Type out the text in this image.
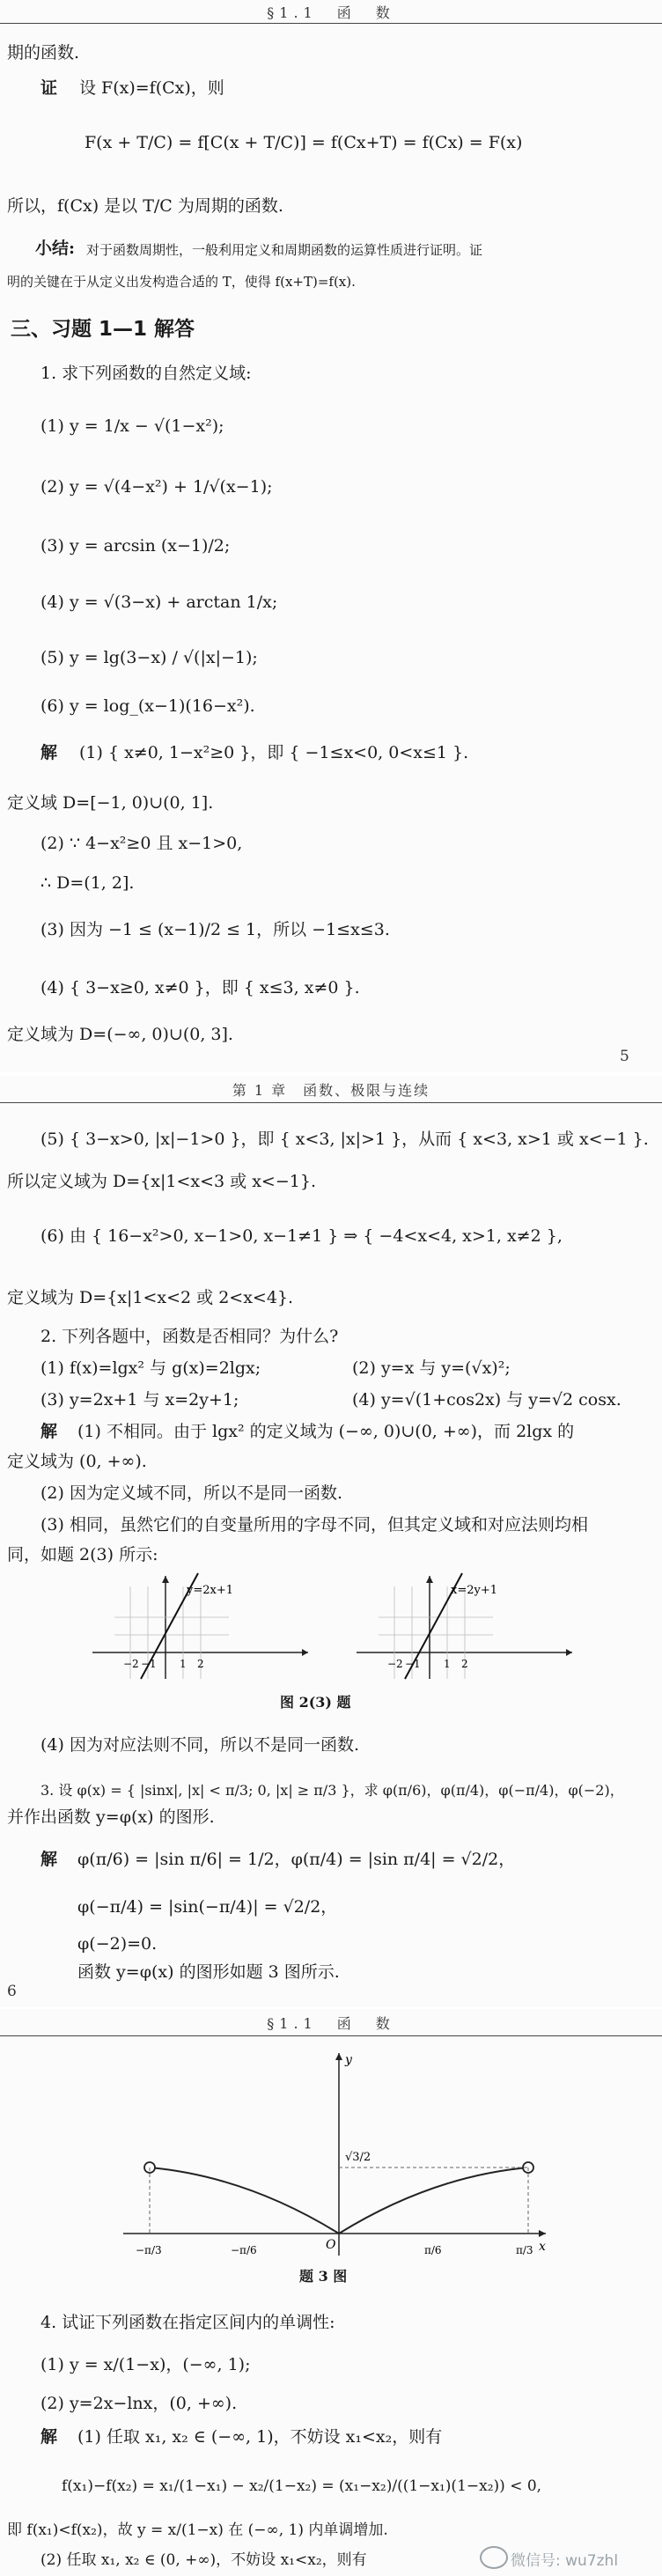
§1.1　函　数
期的函数.
证 设 F(x)=f(Cx)，则
F(x + T/C) = f[C(x + T/C)] = f(Cx+T) = f(Cx) = F(x)
所以，f(Cx) 是以 T/C 为周期的函数.
小结: 对于函数周期性，一般利用定义和周期函数的运算性质进行证明。证
明的关键在于从定义出发构造合适的 T，使得 f(x+T)=f(x).
三、习题 1—1 解答
1. 求下列函数的自然定义域:
(1) y = 1/x − √(1−x²);
(2) y = √(4−x²) + 1/√(x−1);
(3) y = arcsin (x−1)/2;
(4) y = √(3−x) + arctan 1/x;
(5) y = lg(3−x) / √(|x|−1);
(6) y = log_(x−1)(16−x²).
解 (1) { x≠0, 1−x²≥0 }，即 { −1≤x<0, 0<x≤1 }.
定义域 D=[−1, 0)∪(0, 1].
(2) ∵ 4−x²≥0 且 x−1>0,
∴ D=(1, 2].
(3) 因为 −1 ≤ (x−1)/2 ≤ 1，所以 −1≤x≤3.
(4) { 3−x≥0, x≠0 }，即 { x≤3, x≠0 }.
定义域为 D=(−∞, 0)∪(0, 3].
5
第 1 章　函数、极限与连续
(5) { 3−x>0, |x|−1>0 }，即 { x<3, |x|>1 }，从而 { x<3, x>1 或 x<−1 }.
所以定义域为 D={x|1<x<3 或 x<−1}.
(6) 由 { 16−x²>0, x−1>0, x−1≠1 } ⇒ { −4<x<4, x>1, x≠2 },
定义域为 D={x|1<x<2 或 2<x<4}.
2. 下列各题中，函数是否相同？为什么?
(1) f(x)=lgx² 与 g(x)=2lgx;	(2) y=x 与 y=(√x)²;
(3) y=2x+1 与 x=2y+1;	(4) y=√(1+cos2x) 与 y=√2 cosx.
解 (1) 不相同。由于 lgx² 的定义域为 (−∞, 0)∪(0, +∞)，而 2lgx 的
定义域为 (0, +∞).
(2) 因为定义域不同，所以不是同一函数.
(3) 相同，虽然它们的自变量所用的字母不同，但其定义域和对应法则均相
同，如题 2(3) 所示:
y=2x+1
−2 −1 1 2
x=2y+1
−2 −1 1 2
图 2(3) 题
(4) 因为对应法则不同，所以不是同一函数.
3. 设 φ(x) = { |sinx|, |x| < π/3; 0, |x| ≥ π/3 }，求 φ(π/6)，φ(π/4)，φ(−π/4)，φ(−2)，
并作出函数 y=φ(x) 的图形.
解 φ(π/6) = |sin π/6| = 1/2，φ(π/4) = |sin π/4| = √2/2，
φ(−π/4) = |sin(−π/4)| = √2/2，
φ(−2)=0.
函数 y=φ(x) 的图形如题 3 图所示.
6
§1.1　函　数
√3/2
y
x
O
−π/3	−π/6	π/6	π/3
题 3 图
4. 试证下列函数在指定区间内的单调性:
(1) y = x/(1−x)，(−∞, 1);
(2) y=2x−lnx，(0, +∞).
解 (1) 任取 x₁, x₂ ∈ (−∞, 1)，不妨设 x₁<x₂，则有
f(x₁)−f(x₂) = x₁/(1−x₁) − x₂/(1−x₂) = (x₁−x₂)/((1−x₁)(1−x₂)) < 0,
即 f(x₁)<f(x₂)，故 y = x/(1−x) 在 (−∞, 1) 内单调增加.
(2) 任取 x₁, x₂ ∈ (0, +∞)，不妨设 x₁<x₂，则有	微信号: wu7zhl
